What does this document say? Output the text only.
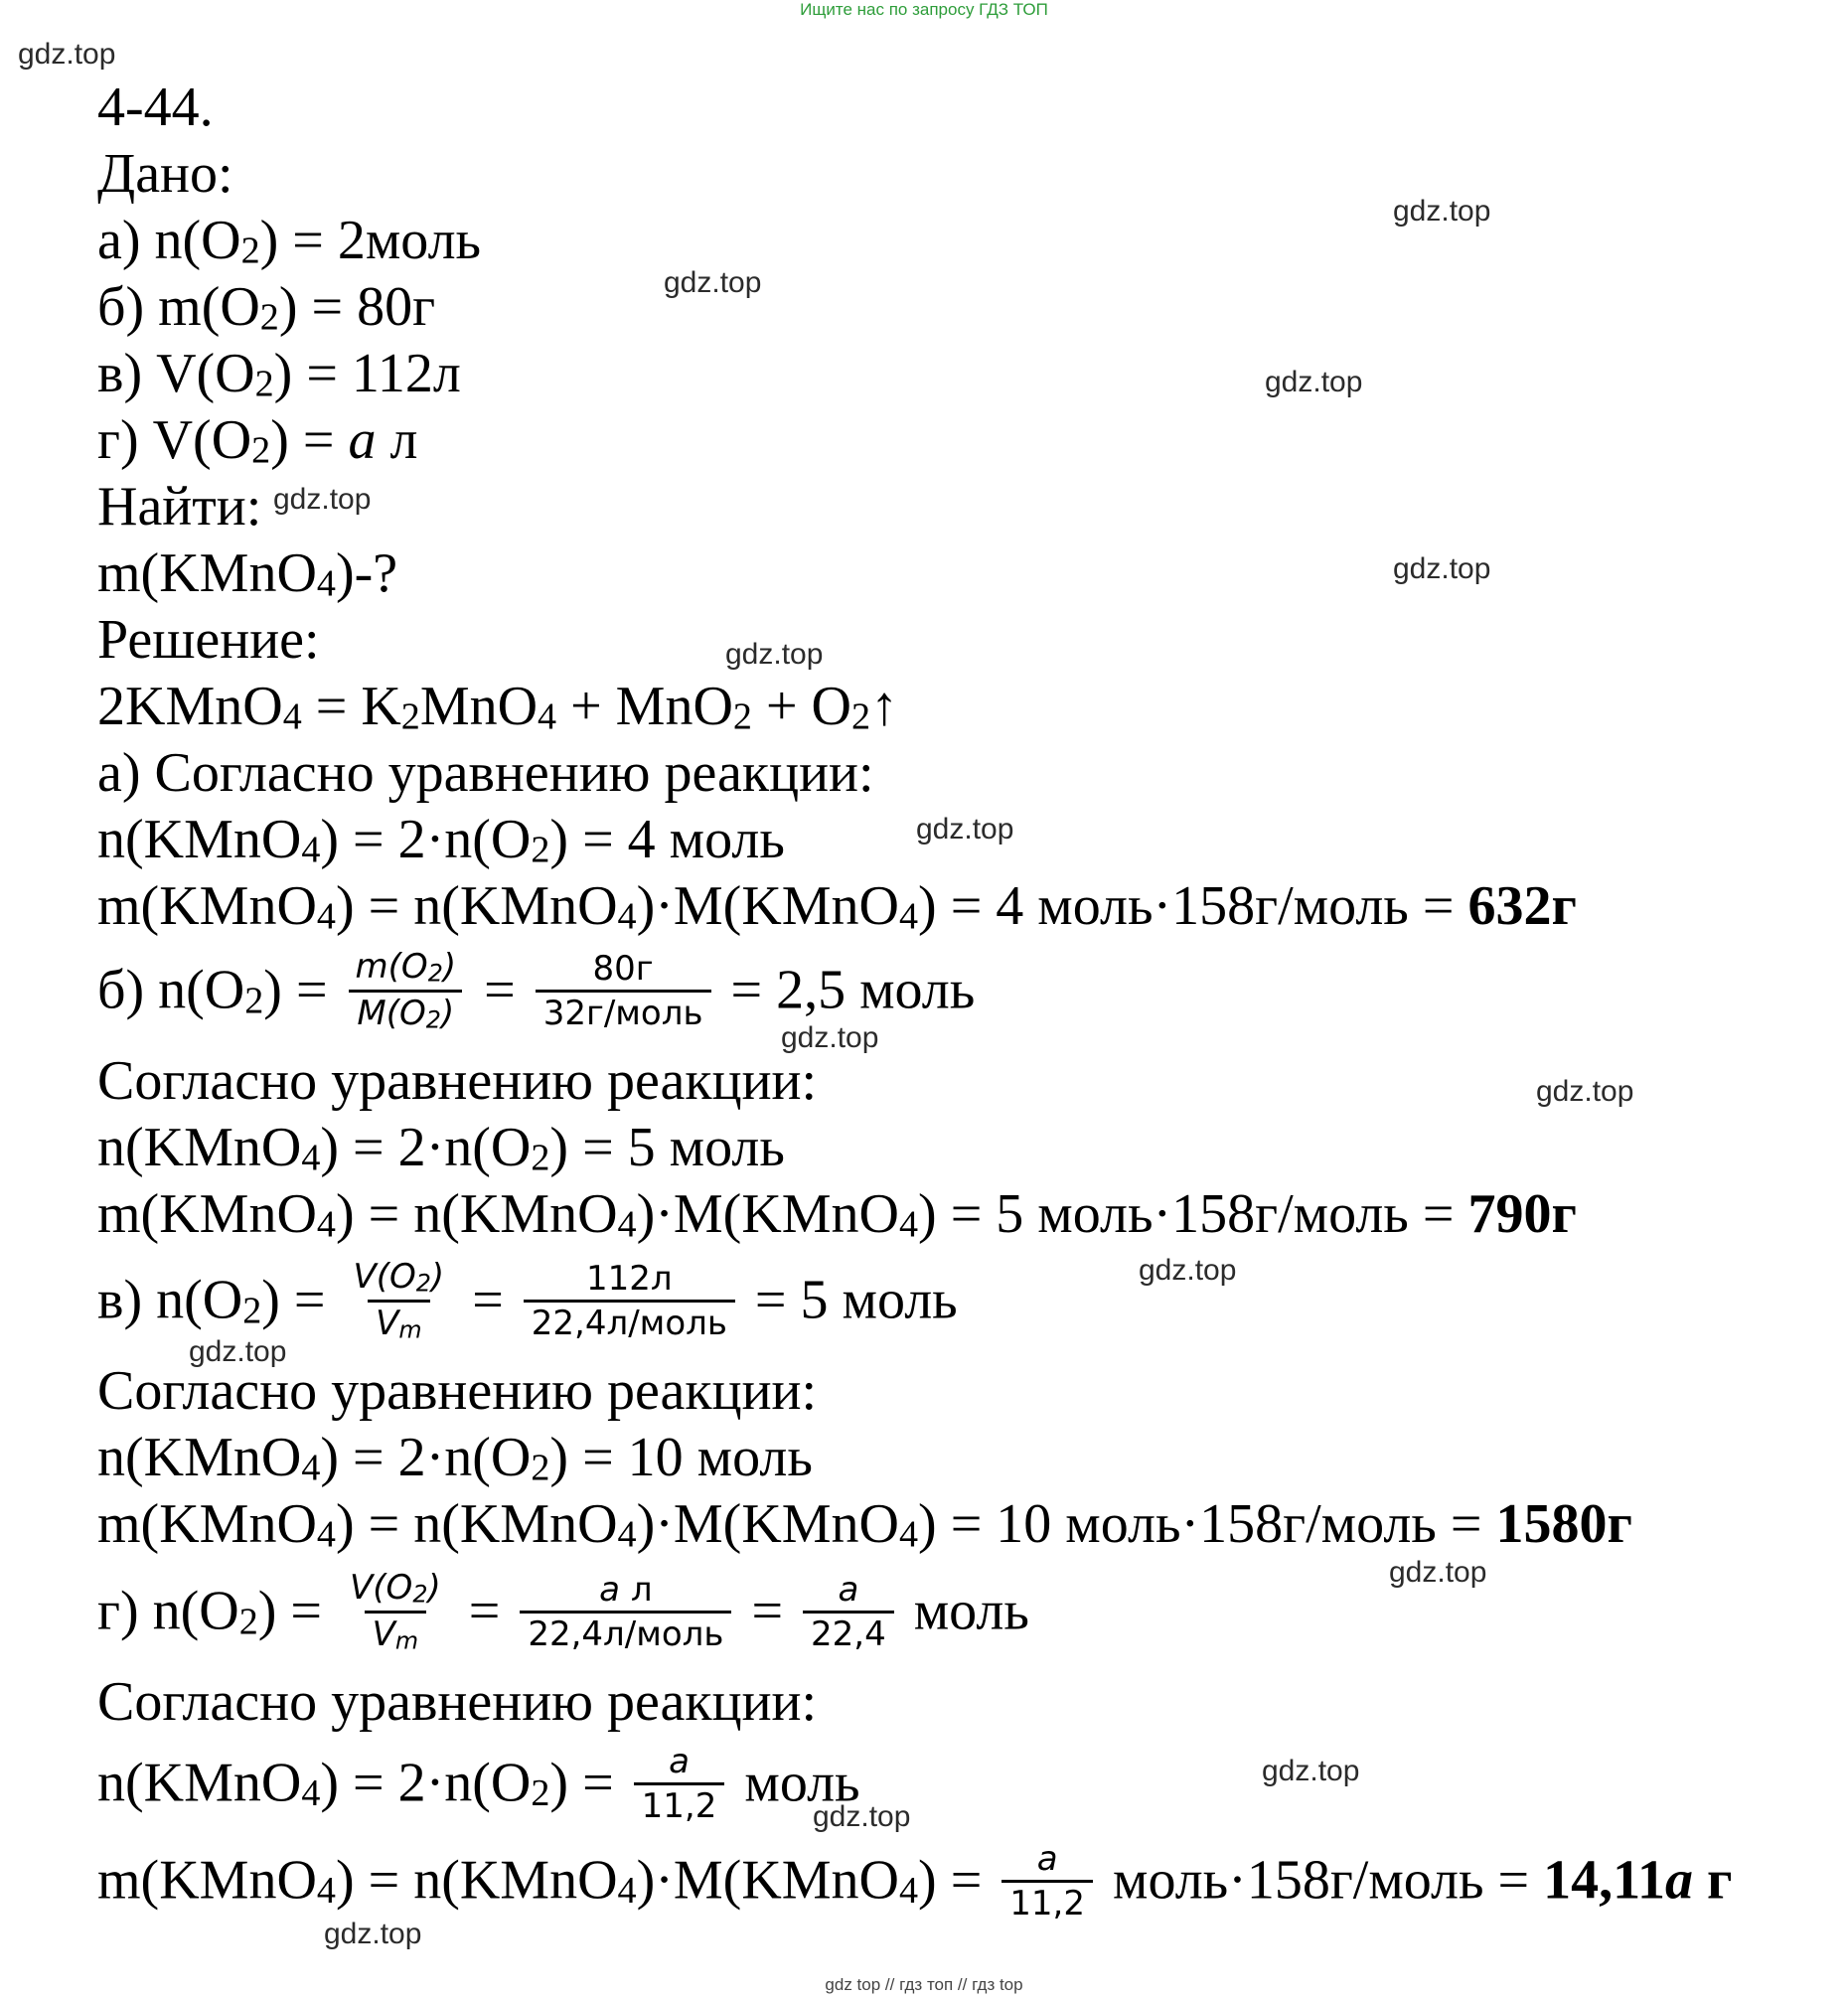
Ищите нас по запросу ГДЗ ТОП
gdz.top
gdz.top
gdz.top
gdz.top
gdz.top
gdz.top
gdz.top
gdz.top
gdz.top
gdz.top
gdz.top
gdz.top
gdz.top
gdz.top
gdz.top
gdz.top
4-44.
Дано:
а) $n(O_2)$ = 2моль
б) $m(O_2) = 80г$
в) $V(O_2) = 112л$
г) $V(O_2) = a$ л
Найти:
m(KMnO$_4$)-?
Решение:
2KMnO$_4$ = $K_2MnO_4 + MnO_2$ + $O_2↑$
а) Согласно уравнению реакции:
n(KMnO$_4$) = $2\cdot n(O_2) = 4$ моль
m(KMnO$_4$) = n(KMnO$_4$)·M(KMnO$_4$) = 4 моль·158г/моль = 632г
б) $n(O_2) = \frac{m(O_2)}{M(O_2)} = \frac{80г}{\text{32г/моль}} = 2,5$ моль
Согласно уравнению реакции:
n(KMnO$_4$) = $2\cdot n(O_2) = 5$ моль
m(KMnO$_4$) = n(KMnO$_4$)·M(KMnO$_4$) = 5 моль·158г/моль = 790г
в) $n(O_2) = \frac{V(O_2)}{V_m} = \frac{112л}{\text{22,4л/моль}} = 5$ моль
Согласно уравнению реакции:
n(KMnO$_4$) = $2\cdot n(O_2) = 10$ моль
m(KMnO$_4$) = n(KMnO$_4$)·M(KMnO$_4$) = 10 моль·158г/моль = 1580г
г) $n(O_2) = \frac{V(O_2)}{V_m} = \frac{\text{a л}}{\text{22,4л/моль}} = \frac{a}{22,4}$ моль
Согласно уравнению реакции:
n(KMnO$_4$) = $2\cdot n(O_2) = \frac{a}{11,2}$ моль
m(KMnO$_4$) = n(KMnO$_4$)·M(KMnO$_4$) = $\frac{a}{11,2}$ моль·158г/моль = 14,11a г
gdz top // гдз топ // гдз top
